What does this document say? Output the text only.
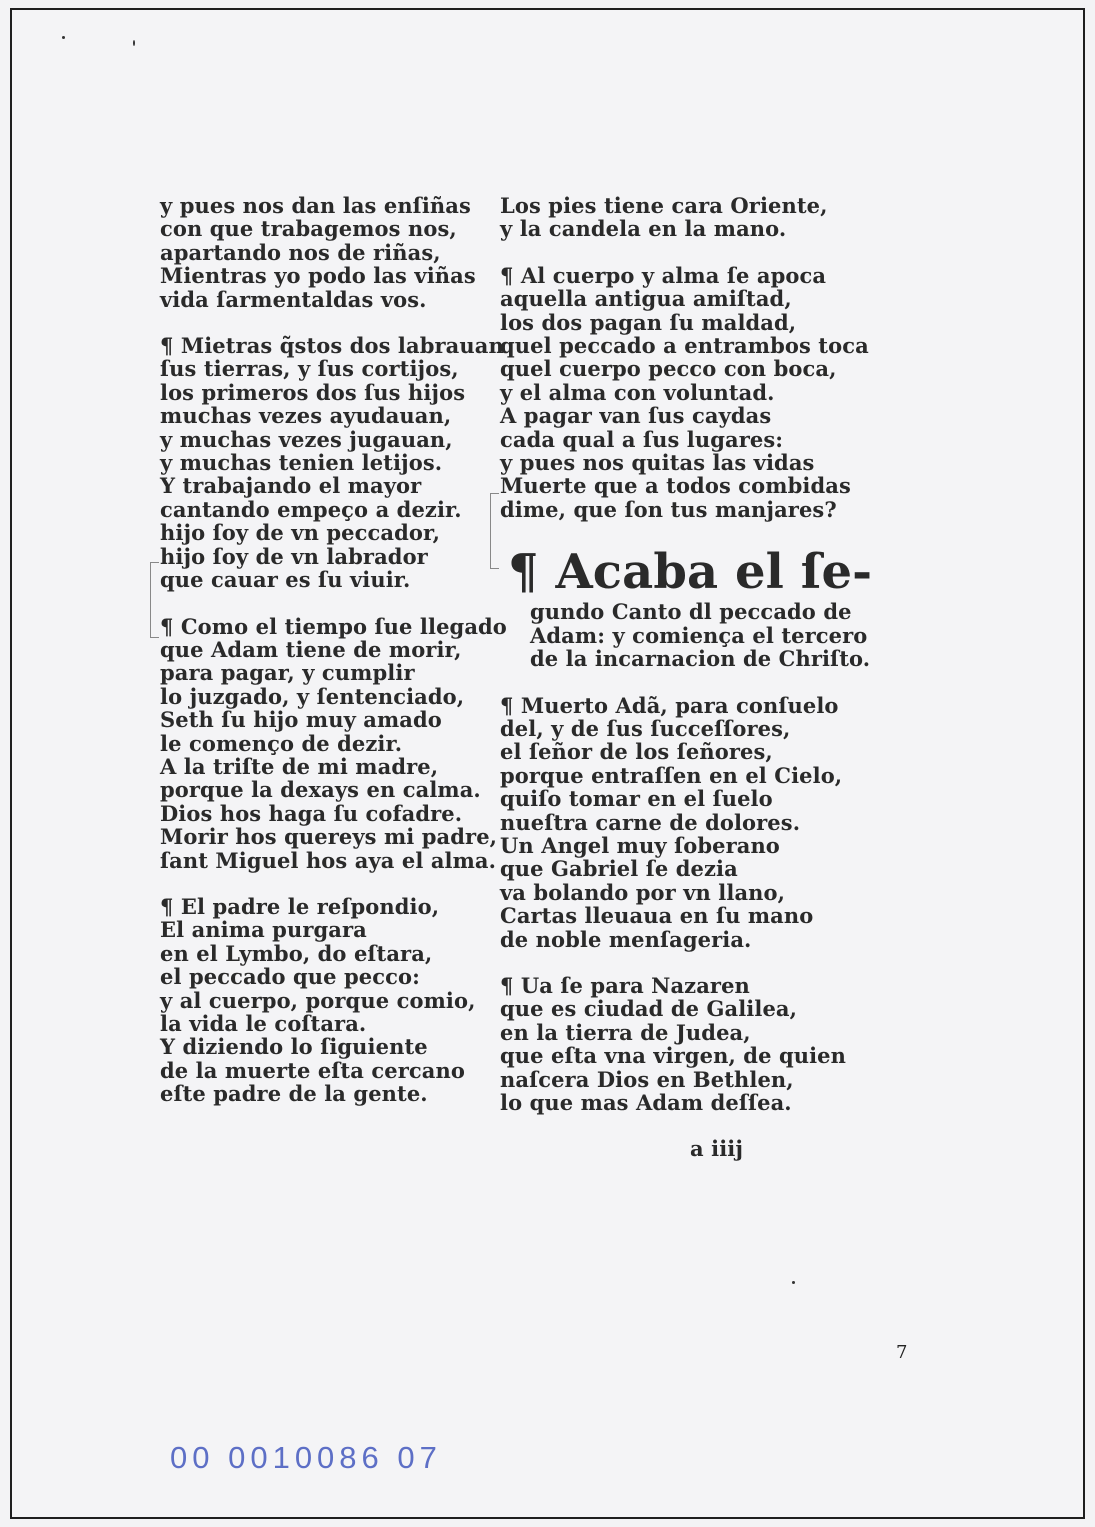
y pues nos dan las enſiñas
con que trabagemos nos,
apartando nos de riñas,
Mientras yo podo las viñas
vida ſarmentaldas vos.
¶ Mietras q̃stos dos labrauan
ſus tierras, y ſus cortijos,
los primeros dos ſus hijos
muchas vezes ayudauan,
y muchas vezes jugauan,
y muchas tenien letijos.
Y trabajando el mayor
cantando empeço a dezir.
hijo ſoy de vn peccador,
hijo ſoy de vn labrador
que cauar es ſu viuir.
¶ Como el tiempo ſue llegado
que Adam tiene de morir,
para pagar, y cumplir
lo juzgado, y ſentenciado,
Seth ſu hijo muy amado
le començo de dezir.
A la triſte de mi madre,
porque la dexays en calma.
Dios hos haga ſu cofadre.
Morir hos quereys mi padre,
ſant Miguel hos aya el alma.
¶ El padre le reſpondio,
El anima purgara
en el Lymbo, do eſtara,
el peccado que pecco:
y al cuerpo, porque comio,
la vida le coſtara.
Y diziendo lo ſiguiente
de la muerte eſta cercano
eſte padre de la gente.
Los pies tiene cara Oriente,
y la candela en la mano.
¶ Al cuerpo y alma ſe apoca
aquella antigua amiſtad,
los dos pagan ſu maldad,
quel peccado a entrambos toca
quel cuerpo pecco con boca,
y el alma con voluntad.
A pagar van ſus caydas
cada qual a ſus lugares:
y pues nos quitas las vidas
Muerte que a todos combidas
dime, que ſon tus manjares?
¶ Acaba el ſe-
gundo Canto dl peccado de
Adam: y comiença el tercero
de la incarnacion de Chriſto.
¶ Muerto Adã, para conſuelo
del, y de ſus ſucceſſores,
el ſeñor de los ſeñores,
porque entraſſen en el Cielo,
quiſo tomar en el ſuelo
nueſtra carne de dolores.
Un Angel muy ſoberano
que Gabriel ſe dezia
va bolando por vn llano,
Cartas lleuaua en ſu mano
de noble menſageria.
¶ Ua ſe para Nazaren
que es ciudad de Galilea,
en la tierra de Judea,
que eſta vna virgen, de quien
naſcera Dios en Bethlen,
lo que mas Adam deſſea.
a iiij
7
00 0010086 07
